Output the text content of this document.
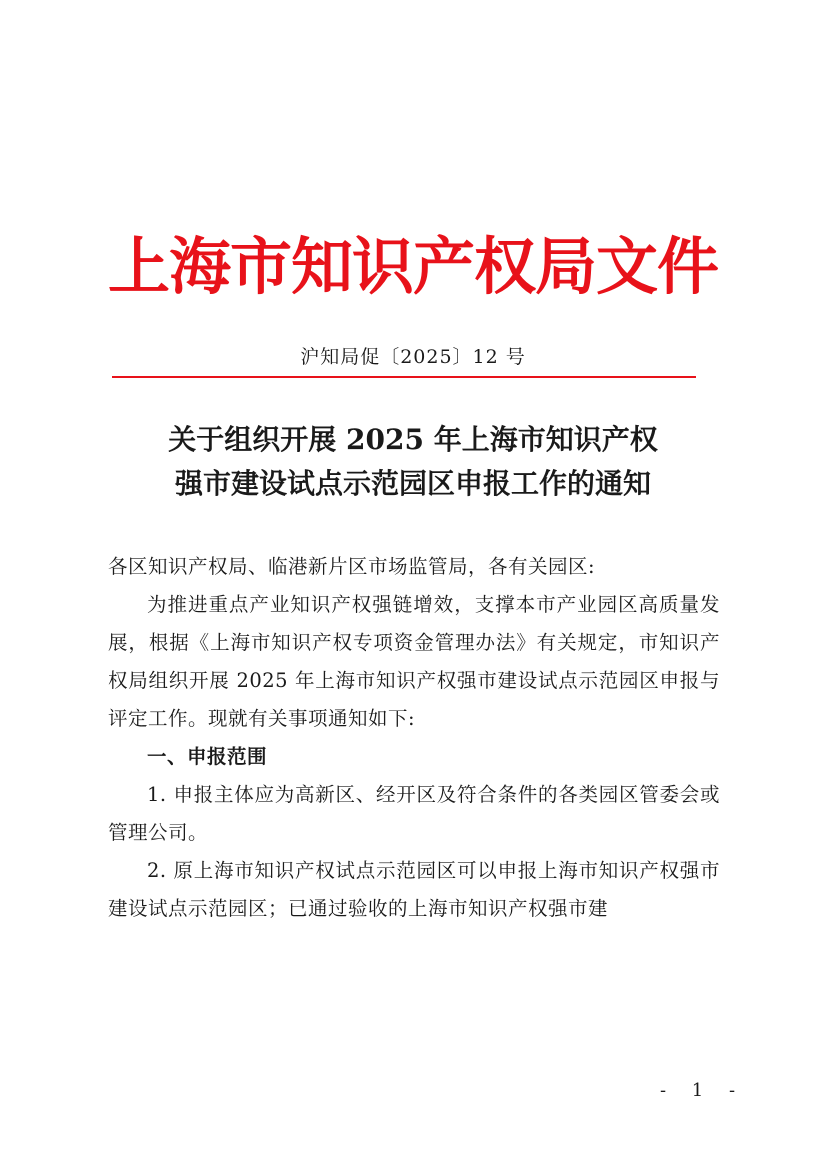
上海市知识产权局文件
沪知局促〔2025〕12 号
关于组织开展 2025 年上海市知识产权
强市建设试点示范园区申报工作的通知

各区知识产权局、临港新片区市场监管局，各有关园区:

为推进重点产业知识产权强链增效，支撑本市产业园区高质量发展，根据《上海市知识产权专项资金管理办法》有关规定，市知识产权局组织开展 2025 年上海市知识产权强市建设试点示范园区申报与评定工作。现就有关事项通知如下:

一、申报范围

1. 申报主体应为高新区、经开区及符合条件的各类园区管委会或管理公司。

2. 原上海市知识产权试点示范园区可以申报上海市知识产权强市建设试点示范园区；已通过验收的上海市知识产权强市建

- 1 -
